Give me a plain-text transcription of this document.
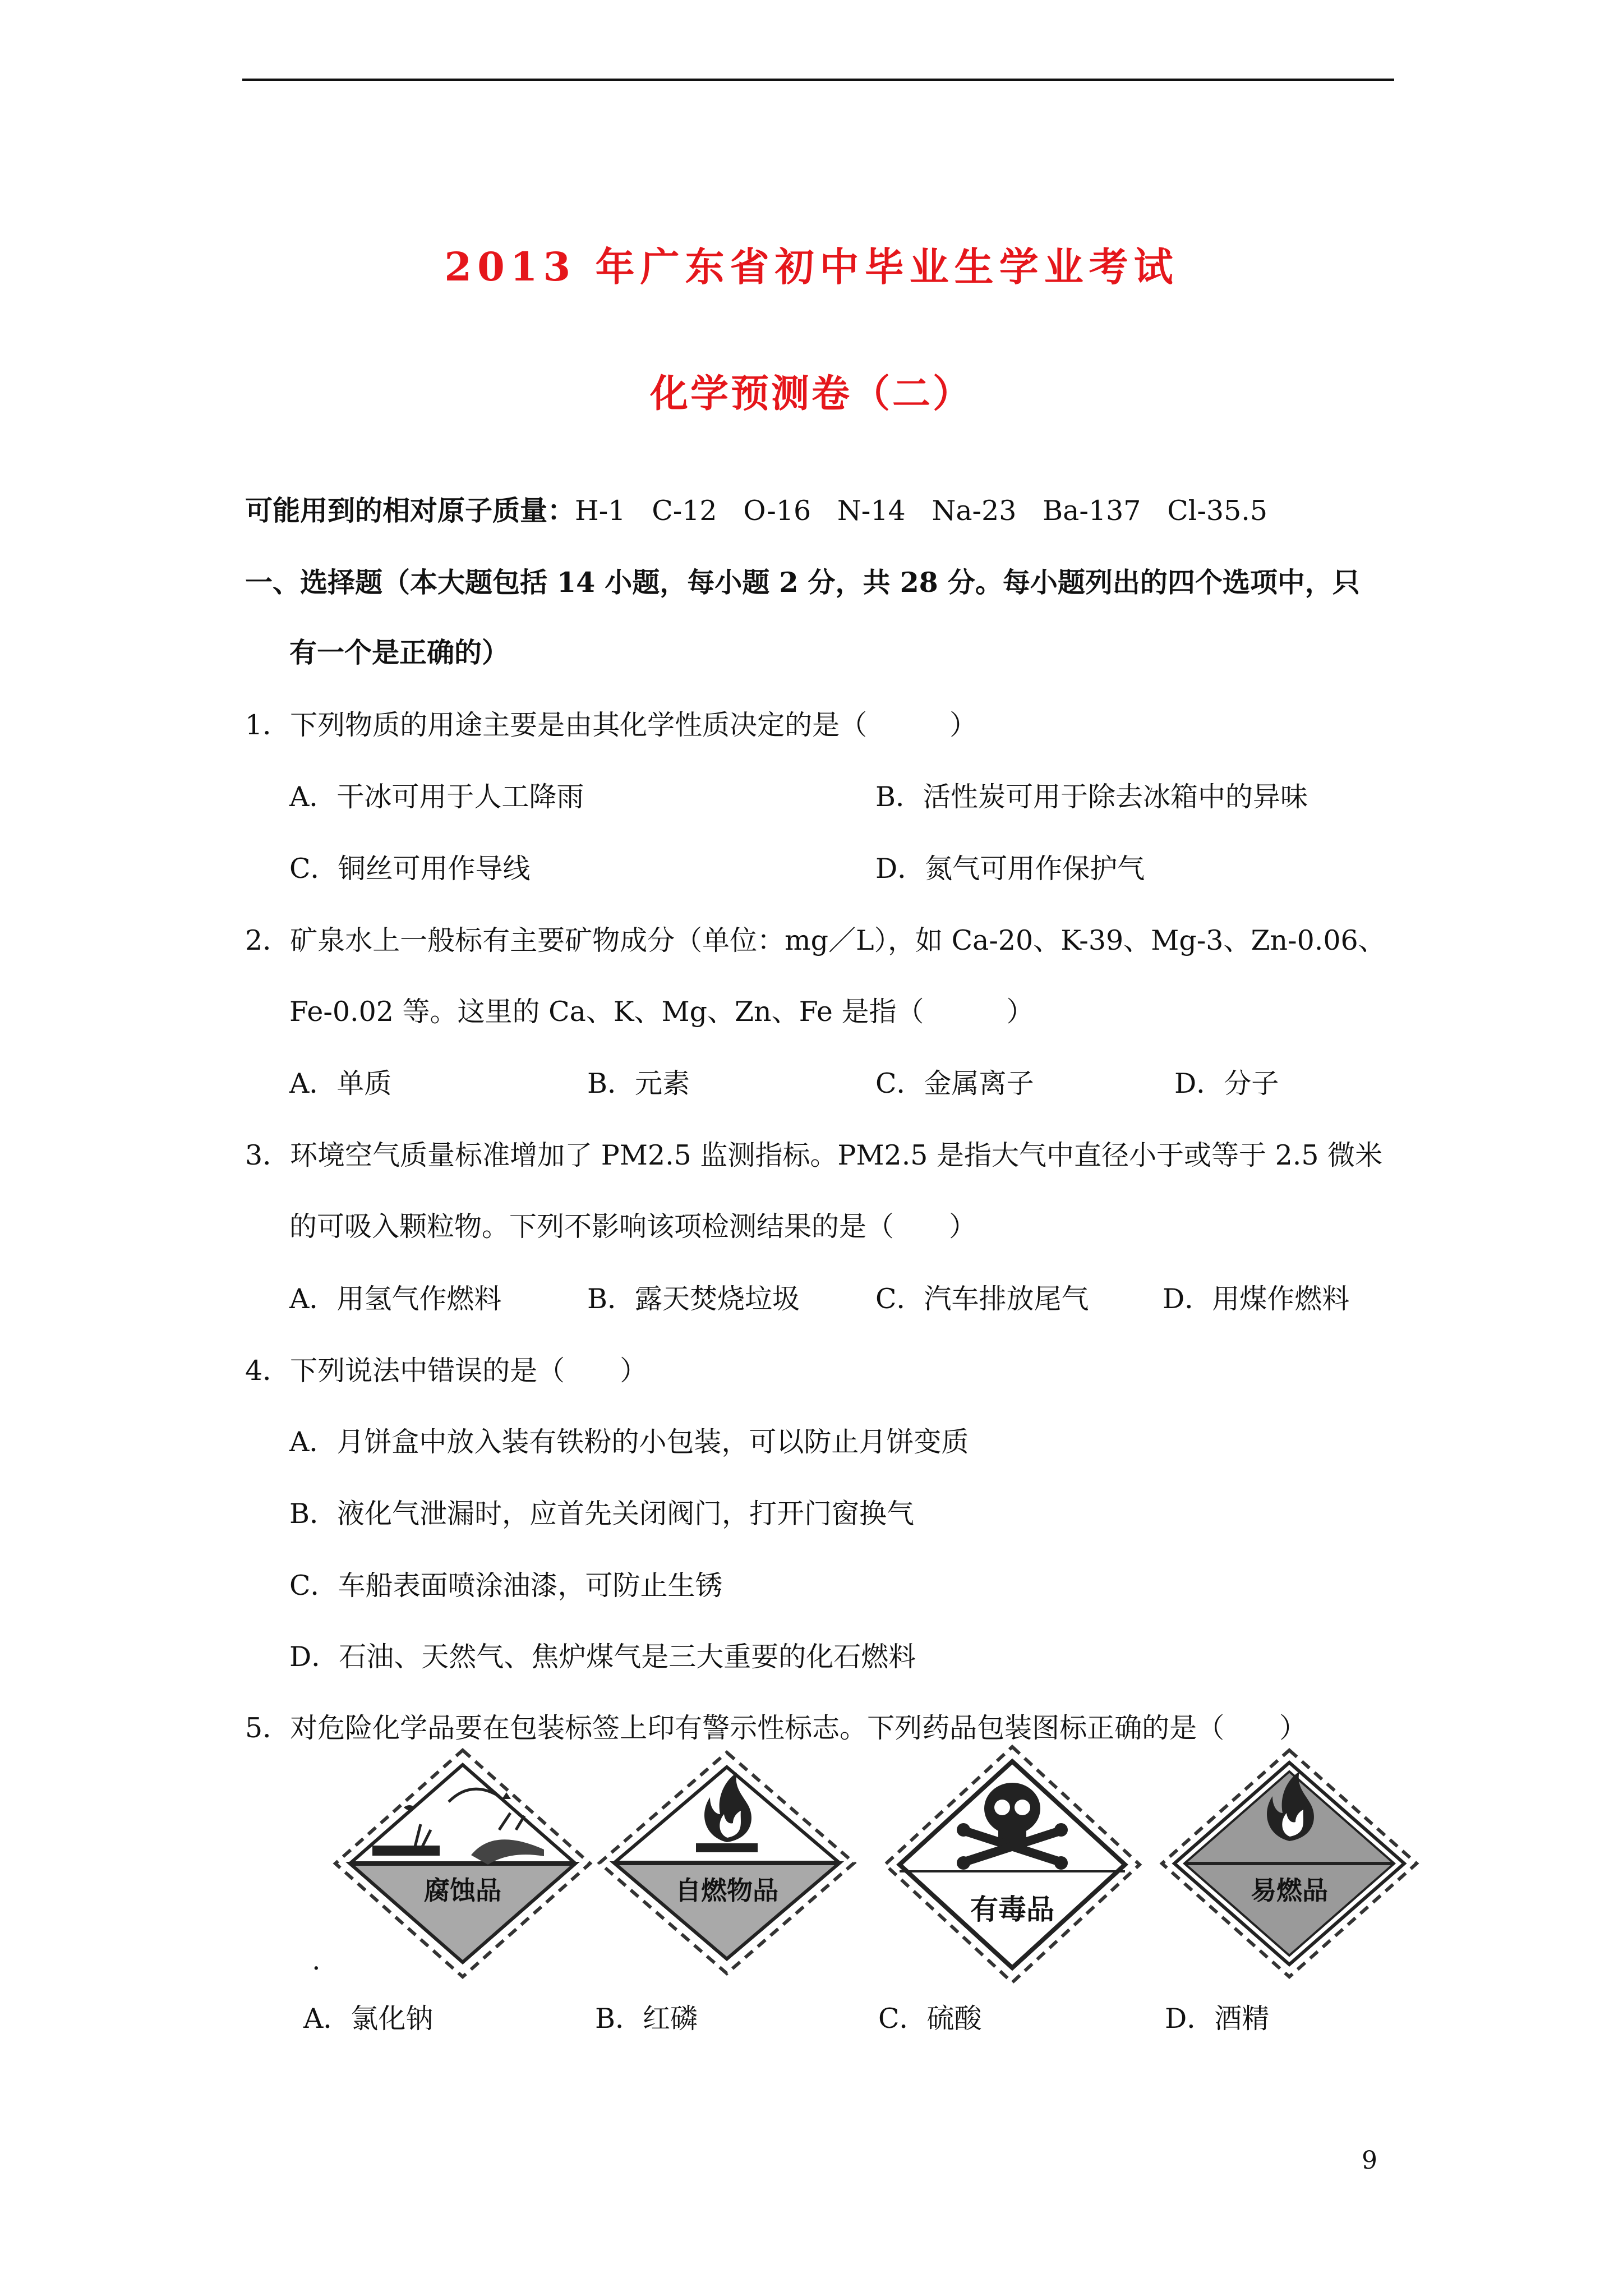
2013 年广东省初中毕业生学业考试
化学预测卷（二）
可能用到的相对原子质量：H-1   C-12   O-16   N-14   Na-23   Ba-137   Cl-35.5
一、选择题（本大题包括 14 小题，每小题 2 分，共 28 分。每小题列出的四个选项中，只
有一个是正确的）
1．下列物质的用途主要是由其化学性质决定的是（　　　）
A．干冰可用于人工降雨	B．活性炭可用于除去冰箱中的异味
C．铜丝可用作导线	D．氮气可用作保护气
2．矿泉水上一般标有主要矿物成分（单位：mg／L），如 Ca-20、K-39、Mg-3、Zn-0.06、
Fe-0.02 等。这里的 Ca、K、Mg、Zn、Fe 是指（　　　）
A．单质	B．元素	C．金属离子	D．分子
3．环境空气质量标准增加了 PM2.5 监测指标。PM2.5 是指大气中直径小于或等于 2.5 微米
的可吸入颗粒物。下列不影响该项检测结果的是（　　）
A．用氢气作燃料	B．露天焚烧垃圾	C．汽车排放尾气	D．用煤作燃料
4．下列说法中错误的是（　　）
A．月饼盒中放入装有铁粉的小包装，可以防止月饼变质
B．液化气泄漏时，应首先关闭阀门，打开门窗换气
C．车船表面喷涂油漆，可防止生锈
D．石油、天然气、焦炉煤气是三大重要的化石燃料
5．对危险化学品要在包装标签上印有警示性标志。下列药品包装图标正确的是（　　）
腐蚀品	自燃物品
有毒品
易燃品
.
A．氯化钠	B．红磷	C．硫酸	D．酒精
9
